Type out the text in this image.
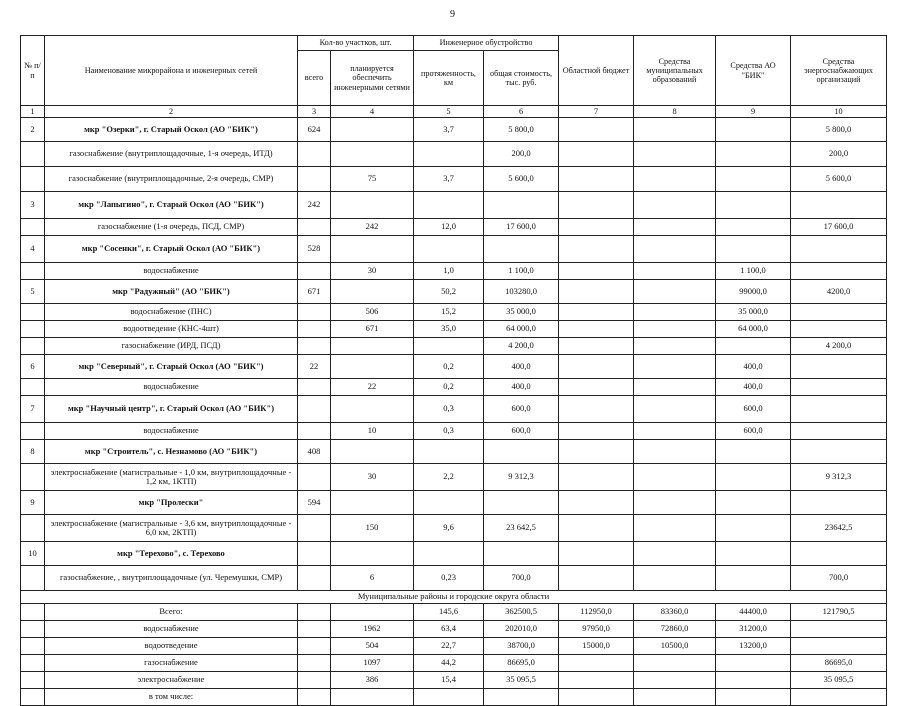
9
№ п/п	Наименование микрорайона и инженерных сетей	Кол-во участков, шт.		Инженерное обустройство		Областной бюджет	Средства муниципальных образований	Средства АО "БИК"	Средства энергоснабжающих организаций
		всего	планируется обеспечить инженерными сетями	протяженность, км	общая стоимость, тыс. руб.				
1	2	3	4	5	6	7	8	9	10
2	мкр "Озерки", г. Старый Оскол (АО "БИК")	624		3,7	5 800,0				5 800,0
	газоснабжение (внутриплощадочные, 1-я очередь, ИТД)				200,0				200,0
	газоснабжение (внутриплощадочные, 2-я очередь, СМР)		75	3,7	5 600,0				5 600,0
3	мкр "Лапыгино", г. Старый Оскол (АО "БИК")	242							
	газоснабжение (1-я очередь, ПСД, СМР)		242	12,0	17 600,0				17 600,0
4	мкр "Сосенки", г. Старый Оскол (АО "БИК")	528							
	водоснабжение		30	1,0	1 100,0			1 100,0	
5	мкр "Радужный" (АО "БИК")	671		50,2	103280,0			99000,0	4200,0
	водоснабжение (ПНС)		506	15,2	35 000,0			35 000,0	
	водоотведение (КНС-4шт)		671	35,0	64 000,0			64 000,0	
	газоснабжение (ИРД, ПСД)				4 200,0				4 200,0
6	мкр "Северный", г. Старый Оскол (АО "БИК")	22		0,2	400,0			400,0	
	водоснабжение		22	0,2	400,0			400,0	
7	мкр "Научный центр", г. Старый Оскол (АО "БИК")			0,3	600,0			600,0	
	водоснабжение		10	0,3	600,0			600,0	
8	мкр "Строитель", с. Незнамово (АО "БИК")	408							
	электроснабжение (магистральные - 1,0 км, внутриплощадочные - 1,2 км, 1КТП)		30	2,2	9 312,3				9 312,3
9	мкр "Пролески"	594							
	электроснабжение (магистральные - 3,6 км, внутриплощадочные - 6,0 км, 2КТП)		150	9,6	23 642,5				23642,5
10	мкр "Терехово", с. Терехово								
	газоснабжение, , внутриплощадочные (ул. Черемушки, СМР)		6	0,23	700,0				700,0
Муниципальные районы и городские округа области									
	Всего:			145,6	362500,5	112950,0	83360,0	44400,0	121790,5
	водоснабжение		1962	63,4	202010,0	97950,0	72860,0	31200,0	
	водоотведение		504	22,7	38700,0	15000,0	10500,0	13200,0	
	газоснабжение		1097	44,2	86695,0				86695,0
	электроснабжение		386	15,4	35 095,5				35 095,5
	в том числе:								
